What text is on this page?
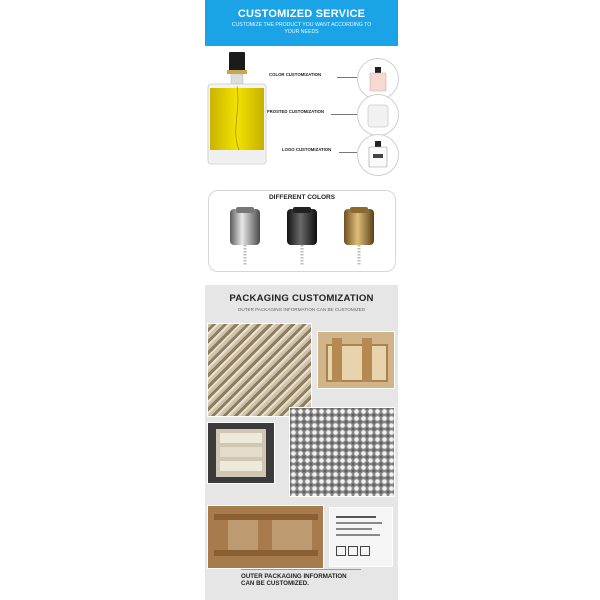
CUSTOMIZED SERVICE
CUSTOMIZE THE PRODUCT YOU WANT ACCORDING TO YOUR NEEDS
COLOR CUSTOMIZATION
FROSTED CUSTOMIZATION
LOGO CUSTOMIZATION
DIFFERENT COLORS
PACKAGING CUSTOMIZATION
OUTER PACKAGING INFORMATION CAN BE CUSTOMIZED
OUTER PACKAGING INFORMATION
CAN BE CUSTOMIZED.
